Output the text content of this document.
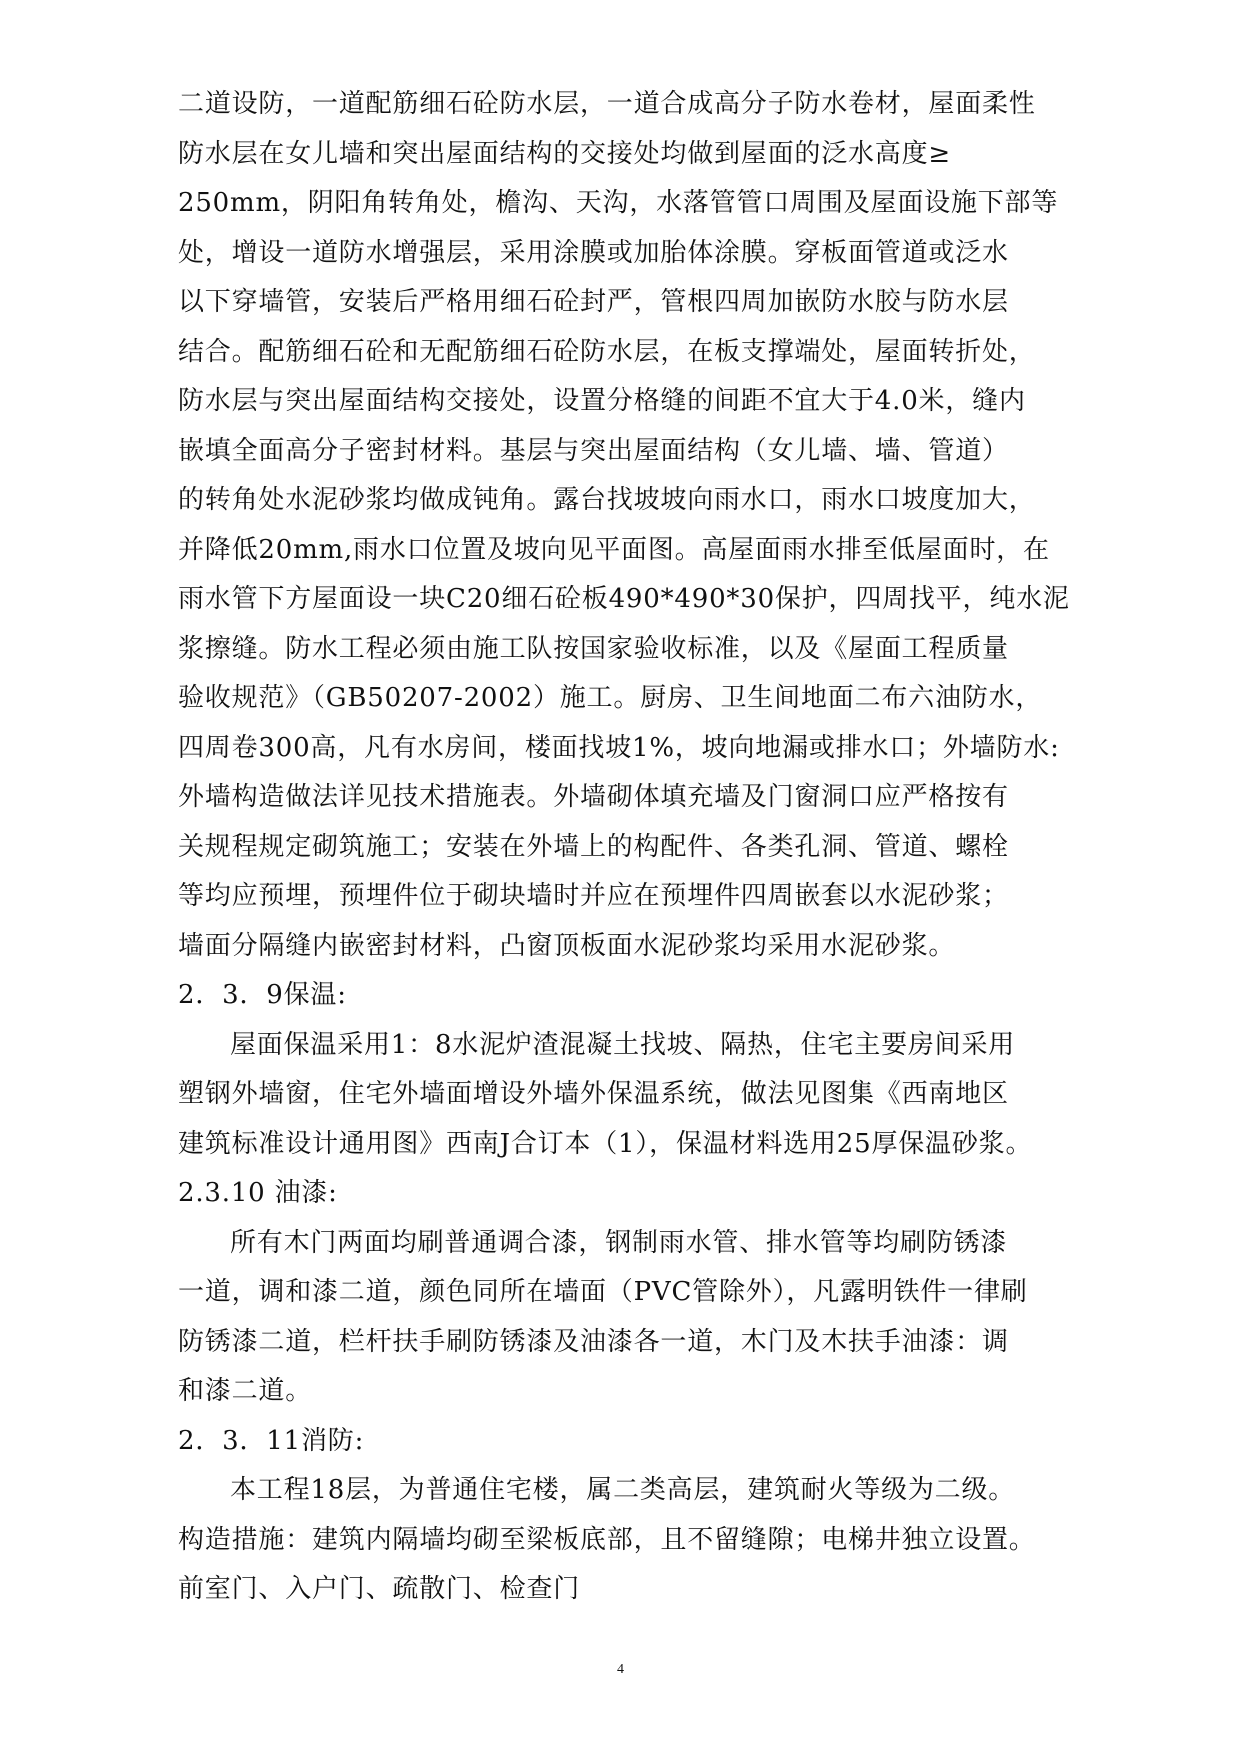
二道设防，一道配筋细石砼防水层，一道合成高分子防水卷材，屋面柔性
防水层在女儿墙和突出屋面结构的交接处均做到屋面的泛水高度≥
250mm，阴阳角转角处，檐沟、天沟，水落管管口周围及屋面设施下部等
处，增设一道防水增强层，采用涂膜或加胎体涂膜。穿板面管道或泛水
以下穿墙管，安装后严格用细石砼封严，管根四周加嵌防水胶与防水层
结合。配筋细石砼和无配筋细石砼防水层，在板支撑端处，屋面转折处，
防水层与突出屋面结构交接处，设置分格缝的间距不宜大于4.0米，缝内
嵌填全面高分子密封材料。基层与突出屋面结构（女儿墙、墙、管道）
的转角处水泥砂浆均做成钝角。露台找坡坡向雨水口，雨水口坡度加大，
并降低20mm,雨水口位置及坡向见平面图。高屋面雨水排至低屋面时，在
雨水管下方屋面设一块C20细石砼板490*490*30保护，四周找平，纯水泥
浆擦缝。防水工程必须由施工队按国家验收标准，以及《屋面工程质量
验收规范》（GB50207-2002）施工。厨房、卫生间地面二布六油防水，
四周卷300高，凡有水房间，楼面找坡1%，坡向地漏或排水口；外墙防水:
外墙构造做法详见技术措施表。外墙砌体填充墙及门窗洞口应严格按有
关规程规定砌筑施工；安装在外墙上的构配件、各类孔洞、管道、螺栓
等均应预埋，预埋件位于砌块墙时并应在预埋件四周嵌套以水泥砂浆；
墙面分隔缝内嵌密封材料，凸窗顶板面水泥砂浆均采用水泥砂浆。
2．3．9保温:
屋面保温采用1：8水泥炉渣混凝土找坡、隔热，住宅主要房间采用
塑钢外墙窗，住宅外墙面增设外墙外保温系统，做法见图集《西南地区
建筑标准设计通用图》西南J合订本（1），保温材料选用25厚保温砂浆。
2.3.10 油漆:
所有木门两面均刷普通调合漆，钢制雨水管、排水管等均刷防锈漆
一道，调和漆二道，颜色同所在墙面（PVC管除外），凡露明铁件一律刷
防锈漆二道，栏杆扶手刷防锈漆及油漆各一道，木门及木扶手油漆：调
和漆二道。
2．3．11消防:
本工程18层，为普通住宅楼，属二类高层，建筑耐火等级为二级。
构造措施：建筑内隔墙均砌至梁板底部，且不留缝隙；电梯井独立设置。
前室门、入户门、疏散门、检查门
4
